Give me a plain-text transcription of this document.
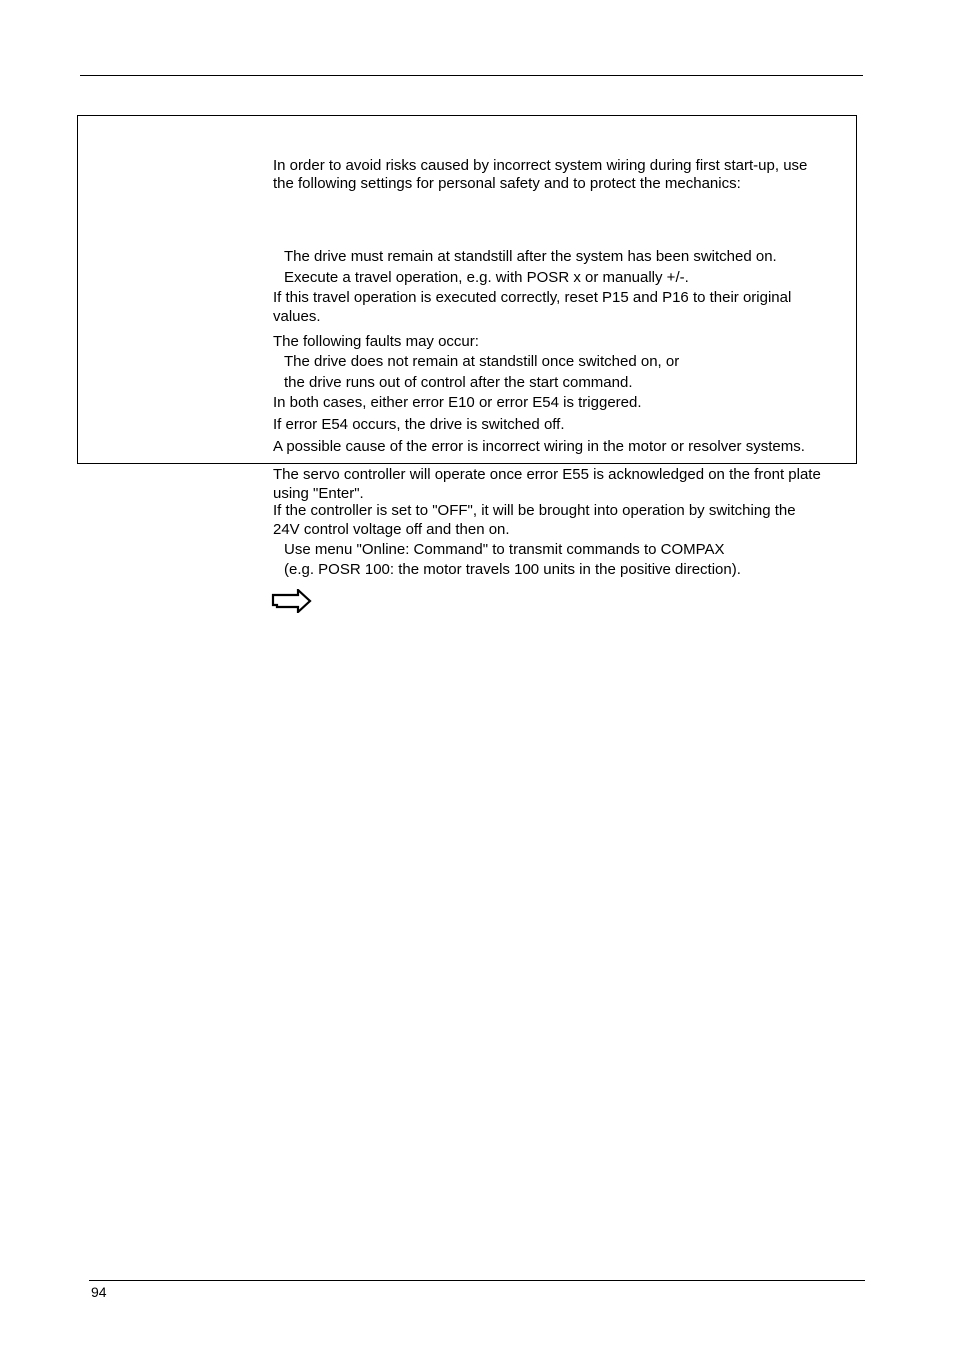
In order to avoid risks caused by incorrect system wiring during first start-up, use
the following settings for personal safety and to protect the mechanics:
The drive must remain at standstill after the system has been switched on.
Execute a travel operation, e.g. with POSR x or manually +/-.
If this travel operation is executed correctly, reset P15 and P16 to their original
values.
The following faults may occur:
The drive does not remain at standstill once switched on, or
the drive runs out of control after the start command.
In both cases, either error E10 or error E54 is triggered.
If error E54 occurs, the drive is switched off.
A possible cause of the error is incorrect wiring in the motor or resolver systems.
The servo controller will operate once error E55 is acknowledged on the front plate
using "Enter".
If the controller is set to "OFF", it will be brought into operation by switching the
24V control voltage off and then on.
Use menu "Online: Command" to transmit commands to COMPAX
(e.g. POSR 100: the motor travels 100 units in the positive direction).
94
